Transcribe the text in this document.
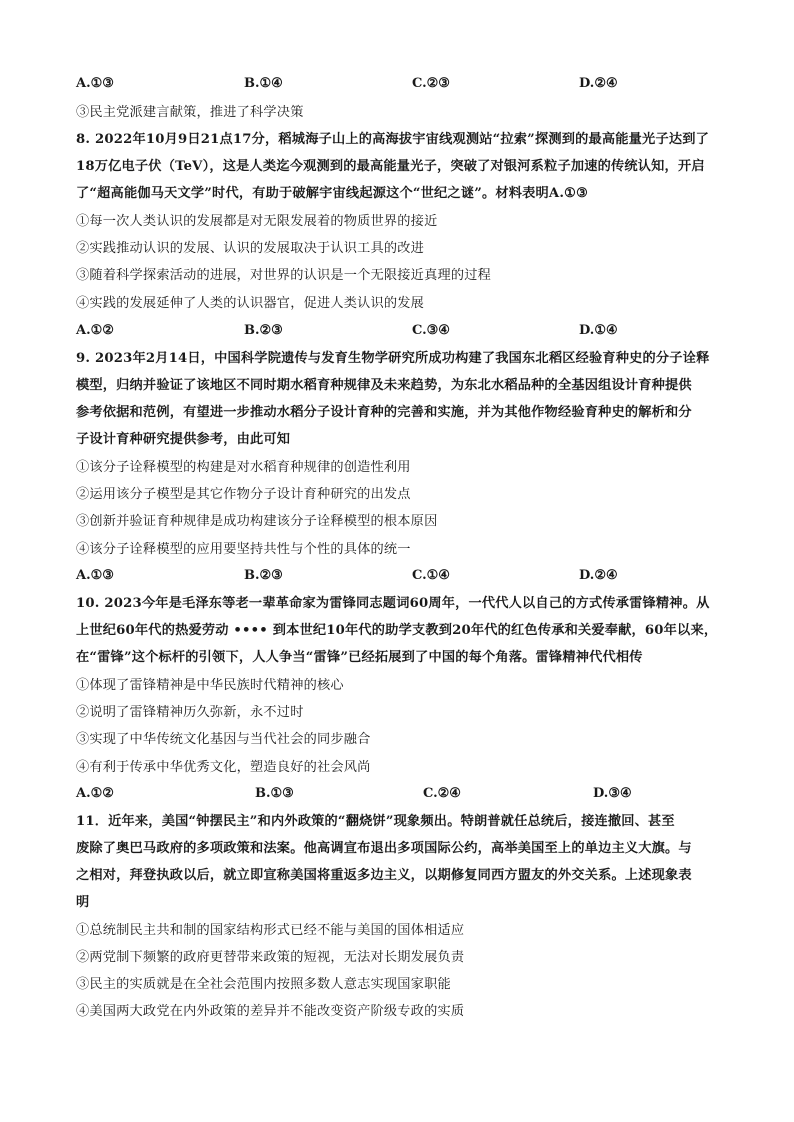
A.①③	B.①④	C.②③	D.②④
③民主党派建言献策，推进了科学决策
8. 2022年10月9日21点17分，稻城海子山上的高海拔宇宙线观测站“拉索”探测到的最高能量光子达到了
18万亿电子伏（TeV），这是人类迄今观测到的最高能量光子，突破了对银河系粒子加速的传统认知，开启
了“超高能伽马天文学”时代，有助于破解宇宙线起源这个“世纪之谜”。材料表明A.①③
①每一次人类认识的发展都是对无限发展着的物质世界的接近
②实践推动认识的发展、认识的发展取决于认识工具的改进
③随着科学探索活动的进展，对世界的认识是一个无限接近真理的过程
④实践的发展延伸了人类的认识器官，促进人类认识的发展
A.①②	B.②③	C.③④	D.①④
9. 2023年2月14日，中国科学院遗传与发育生物学研究所成功构建了我国东北稻区经验育种史的分子诠释
模型，归纳并验证了该地区不同时期水稻育种规律及未来趋势，为东北水稻品种的全基因组设计育种提供
参考依据和范例，有望进一步推动水稻分子设计育种的完善和实施，并为其他作物经验育种史的解析和分
子设计育种研究提供参考，由此可知
①该分子诠释模型的构建是对水稻育种规律的创造性利用
②运用该分子模型是其它作物分子设计育种研究的出发点
③创新并验证育种规律是成功构建该分子诠释模型的根本原因
④该分子诠释模型的应用要坚持共性与个性的具体的统一
A.①③	B.②③	C.①④	D.②④
10. 2023今年是毛泽东等老一辈革命家为雷锋同志题词60周年，一代代人以自己的方式传承雷锋精神。从
上世纪60年代的热爱劳动 •••• 到本世纪10年代的助学支教到20年代的红色传承和关爱奉献，60年以来，
在“雷锋”这个标杆的引领下，人人争当“雷锋”已经拓展到了中国的每个角落。雷锋精神代代相传
①体现了雷锋精神是中华民族时代精神的核心
②说明了雷锋精神历久弥新，永不过时
③实现了中华传统文化基因与当代社会的同步融合
④有利于传承中华优秀文化，塑造良好的社会风尚
A.①②	B.①③	C.②④	D.③④
11．近年来，美国“钟摆民主”和内外政策的“翻烧饼”现象频出。特朗普就任总统后，接连撤回、甚至
废除了奥巴马政府的多项政策和法案。他高调宣布退出多项国际公约，高举美国至上的单边主义大旗。与
之相对，拜登执政以后，就立即宣称美国将重返多边主义，以期修复同西方盟友的外交关系。上述现象表
明
①总统制民主共和制的国家结构形式已经不能与美国的国体相适应
②两党制下频繁的政府更替带来政策的短视，无法对长期发展负责
③民主的实质就是在全社会范围内按照多数人意志实现国家职能
④美国两大政党在内外政策的差异并不能改变资产阶级专政的实质
